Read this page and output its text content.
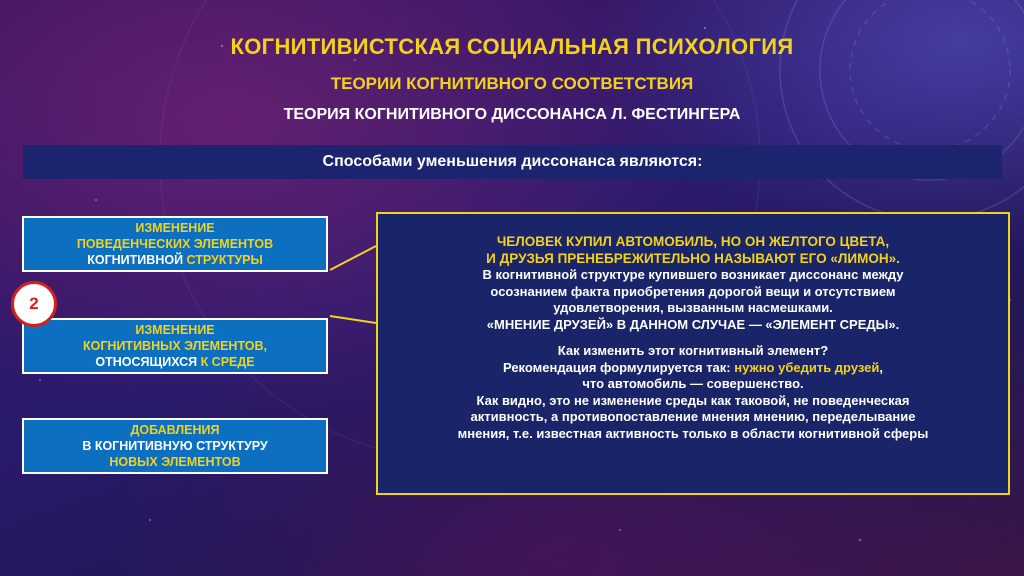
КОГНИТИВИСТСКАЯ СОЦИАЛЬНАЯ ПСИХОЛОГИЯ
ТЕОРИИ КОГНИТИВНОГО СООТВЕТСТВИЯ
ТЕОРИЯ КОГНИТИВНОГО ДИССОНАНСА Л. ФЕСТИНГЕРА
Способами уменьшения диссонанса являются:
ИЗМЕНЕНИЕ
ПОВЕДЕНЧЕСКИХ ЭЛЕМЕНТОВ
КОГНИТИВНОЙ СТРУКТУРЫ
ИЗМЕНЕНИЕ
КОГНИТИВНЫХ ЭЛЕМЕНТОВ,
ОТНОСЯЩИХСЯ К СРЕДЕ
ДОБАВЛЕНИЯ
В КОГНИТИВНУЮ СТРУКТУРУ
НОВЫХ ЭЛЕМЕНТОВ
2

ЧЕЛОВЕК КУПИЛ АВТОМОБИЛЬ, НО ОН ЖЕЛТОГО ЦВЕТА,

И ДРУЗЬЯ ПРЕНЕБРЕЖИТЕЛЬНО НАЗЫВАЮТ ЕГО «ЛИМОН».

В когнитивной структуре купившего возникает диссонанс между

осознанием факта приобретения дорогой вещи и отсутствием

удовлетворения, вызванным насмешками.

«МНЕНИЕ ДРУЗЕЙ» В ДАННОМ СЛУЧАЕ — «ЭЛЕМЕНТ СРЕДЫ».

Как изменить этот когнитивный элемент?

Рекомендация формулируется так: нужно убедить друзей,

что автомобиль — совершенство.

Как видно, это не изменение среды как таковой, не поведенческая

активность, а противопоставление мнения мнению, переделывание

мнения, т.е. известная активность только в области когнитивной сферы
